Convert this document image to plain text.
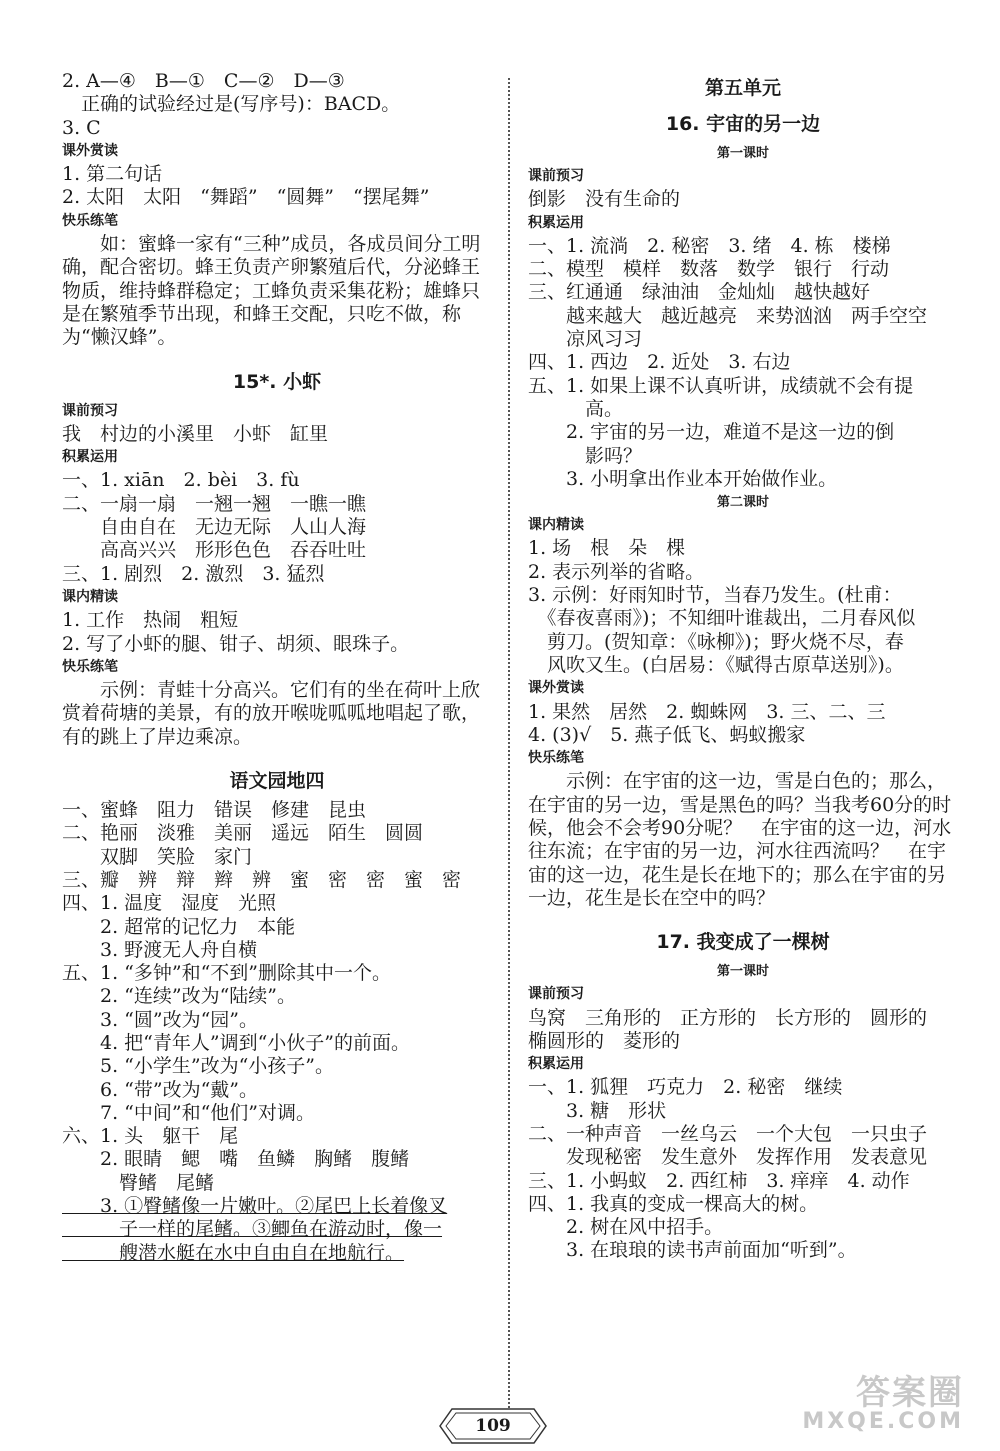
2. A—④　B—①　C—②　D—③
　正确的试验经过是(写序号)：BACD。
3. C
课外赏读
1. 第二句话
2. 太阳　太阳　“舞蹈”　“圆舞”　“摆尾舞”
快乐练笔
如：蜜蜂一家有“三种”成员，各成员间分工明确，配合密切。蜂王负责产卵繁殖后代，分泌蜂王物质，维持蜂群稳定；工蜂负责采集花粉；雄蜂只是在繁殖季节出现，和蜂王交配，只吃不做，称为“懒汉蜂”。
15*. 小虾
课前预习
我　村边的小溪里　小虾　缸里
积累运用
一、1. xiān　2. bèi　3. fù
二、一扇一扇　一翘一翘　一瞧一瞧
　　自由自在　无边无际　人山人海
　　高高兴兴　形形色色　吞吞吐吐
三、1. 剧烈　2. 激烈　3. 猛烈
课内精读
1. 工作　热闹　粗短
2. 写了小虾的腿、钳子、胡须、眼珠子。
快乐练笔
示例：青蛙十分高兴。它们有的坐在荷叶上欣赏着荷塘的美景，有的放开喉咙呱呱地唱起了歌，有的跳上了岸边乘凉。
语文园地四
一、蜜蜂　阻力　错误　修建　昆虫
二、艳丽　淡雅　美丽　遥远　陌生　圆圆
　　双脚　笑脸　家门
三、瓣　辨　辩　辫　辨　蜜　密　密　蜜　密
四、1. 温度　湿度　光照
　　2. 超常的记忆力　本能
　　3. 野渡无人舟自横
五、1. “多钟”和“不到”删除其中一个。
　　2. “连续”改为“陆续”。
　　3. “圆”改为“园”。
　　4. 把“青年人”调到“小伙子”的前面。
　　5. “小学生”改为“小孩子”。
　　6. “带”改为“戴”。
　　7. “中间”和“他们”对调。
六、1. 头　躯干　尾
　　2. 眼睛　鳃　嘴　鱼鳞　胸鳍　腹鳍
　　　臀鳍　尾鳍
　　3. ①臀鳍像一片嫩叶。②尾巴上长着像叉
　　　子一样的尾鳍。③鲫鱼在游动时，像一
　　　艘潜水艇在水中自由自在地航行。
第五单元
16. 宇宙的另一边
第一课时
课前预习
倒影　没有生命的
积累运用
一、1. 流淌　2. 秘密　3. 绪　4. 栋　楼梯
二、模型　模样　数落　数学　银行　行动
三、红通通　绿油油　金灿灿　越快越好
　　越来越大　越近越亮　来势汹汹　两手空空
　　凉风习习
四、1. 西边　2. 近处　3. 右边
五、1. 如果上课不认真听讲，成绩就不会有提
　　　高。
　　2. 宇宙的另一边，难道不是这一边的倒
　　　影吗？
　　3. 小明拿出作业本开始做作业。
第二课时
课内精读
1. 场　根　朵　棵
2. 表示列举的省略。
3. 示例：好雨知时节，当春乃发生。(杜甫：
　《春夜喜雨》)；不知细叶谁裁出，二月春风似
　剪刀。(贺知章：《咏柳》)；野火烧不尽，春
　风吹又生。(白居易：《赋得古原草送别》)。
课外赏读
1. 果然　居然　2. 蜘蛛网　3. 三、二、三
4. (3)√　5. 燕子低飞、蚂蚁搬家
快乐练笔
示例：在宇宙的这一边，雪是白色的；那么，在宇宙的另一边，雪是黑色的吗？当我考60分的时候，他会不会考90分呢？　在宇宙的这一边，河水往东流；在宇宙的另一边，河水往西流吗？　在宇宙的这一边，花生是长在地下的；那么在宇宙的另一边，花生是长在空中的吗？
17. 我变成了一棵树
第一课时
课前预习
鸟窝　三角形的　正方形的　长方形的　圆形的
椭圆形的　菱形的
积累运用
一、1. 狐狸　巧克力　2. 秘密　继续
　　3. 糖　形状
二、一种声音　一丝乌云　一个大包　一只虫子
　　发现秘密　发生意外　发挥作用　发表意见
三、1. 小蚂蚁　2. 西红柿　3. 痒痒　4. 动作
四、1. 我真的变成一棵高大的树。
　　2. 树在风中招手。
　　3. 在琅琅的读书声前面加“听到”。
109
答案圈
MXQE.COM
